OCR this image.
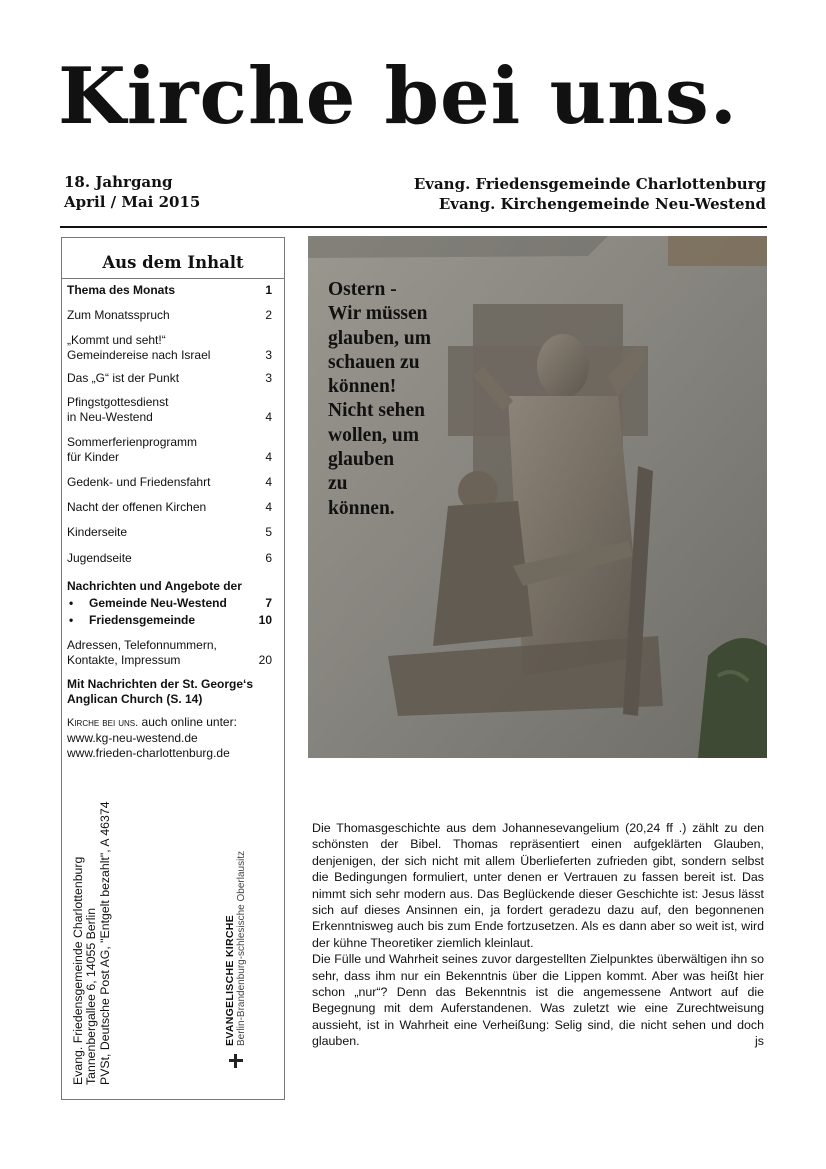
Kirche bei uns.
18. Jahrgang
April / Mai 2015
Evang. Friedensgemeinde Charlottenburg
Evang. Kirchengemeinde Neu-Westend
Aus dem Inhalt
Thema des Monats	1
Zum Monatsspruch	2
„Kommt und seht!“
Gemeindereise nach Israel	3
Das „G“ ist der Punkt	3
Pfingstgottesdienst
in Neu-Westend	4
Sommerferienprogramm
für Kinder	4
Gedenk- und Friedensfahrt	4
Nacht der offenen Kirchen	4
Kinderseite	5
Jugendseite	6
Nachrichten und Angebote der
• Gemeinde Neu-Westend	7
• Friedensgemeinde	10
Adressen, Telefonnummern,
Kontakte, Impressum	20
Mit Nachrichten der St. George‘s
Anglican Church (S. 14)
Kirche bei uns. auch online unter:
www.kg-neu-westend.de
www.frieden-charlottenburg.de
Evang. Friedensgemeinde Charlottenburg Tannenbergallee 6, 14055 Berlin PVSt, Deutsche Post AG, "Entgelt bezahlt", A 46374	EVANGELISCHE KIRCHE Berlin-Brandenburg-schlesische Oberlausitz
Ostern -
Wir müssen
glauben, um
schauen zu
können!
Nicht sehen
wollen, um
glauben
zu
können.

Die Thomasgeschichte aus dem Johannesevangelium (20,24 ff .) zählt zu den schönsten der Bibel. Thomas repräsentiert einen aufgeklärten Glauben, denjenigen, der sich nicht mit allem Überlieferten zufrieden gibt, sondern selbst die Bedingungen formuliert, unter denen er Vertrauen zu fassen bereit ist. Das nimmt sich sehr modern aus. Das Beglückende dieser Geschichte ist: Jesus lässt sich auf dieses Ansinnen ein, ja fordert geradezu dazu auf, den begonnenen Erkenntnisweg auch bis zum Ende fortzusetzen. Als es dann aber so weit ist, wird der kühne Theoretiker ziemlich kleinlaut.

Die Fülle und Wahrheit seines zuvor dargestellten Zielpunktes überwältigen ihn so sehr, dass ihm nur ein Bekenntnis über die Lippen kommt. Aber was heißt hier schon „nur“? Denn das Bekenntnis ist die angemessene Antwort auf die Begegnung mit dem Auferstandenen. Was zuletzt wie eine Zurechtweisung aussieht, ist in Wahrheit eine Verheißung: Selig sind, die nicht sehen und doch glauben.	js
